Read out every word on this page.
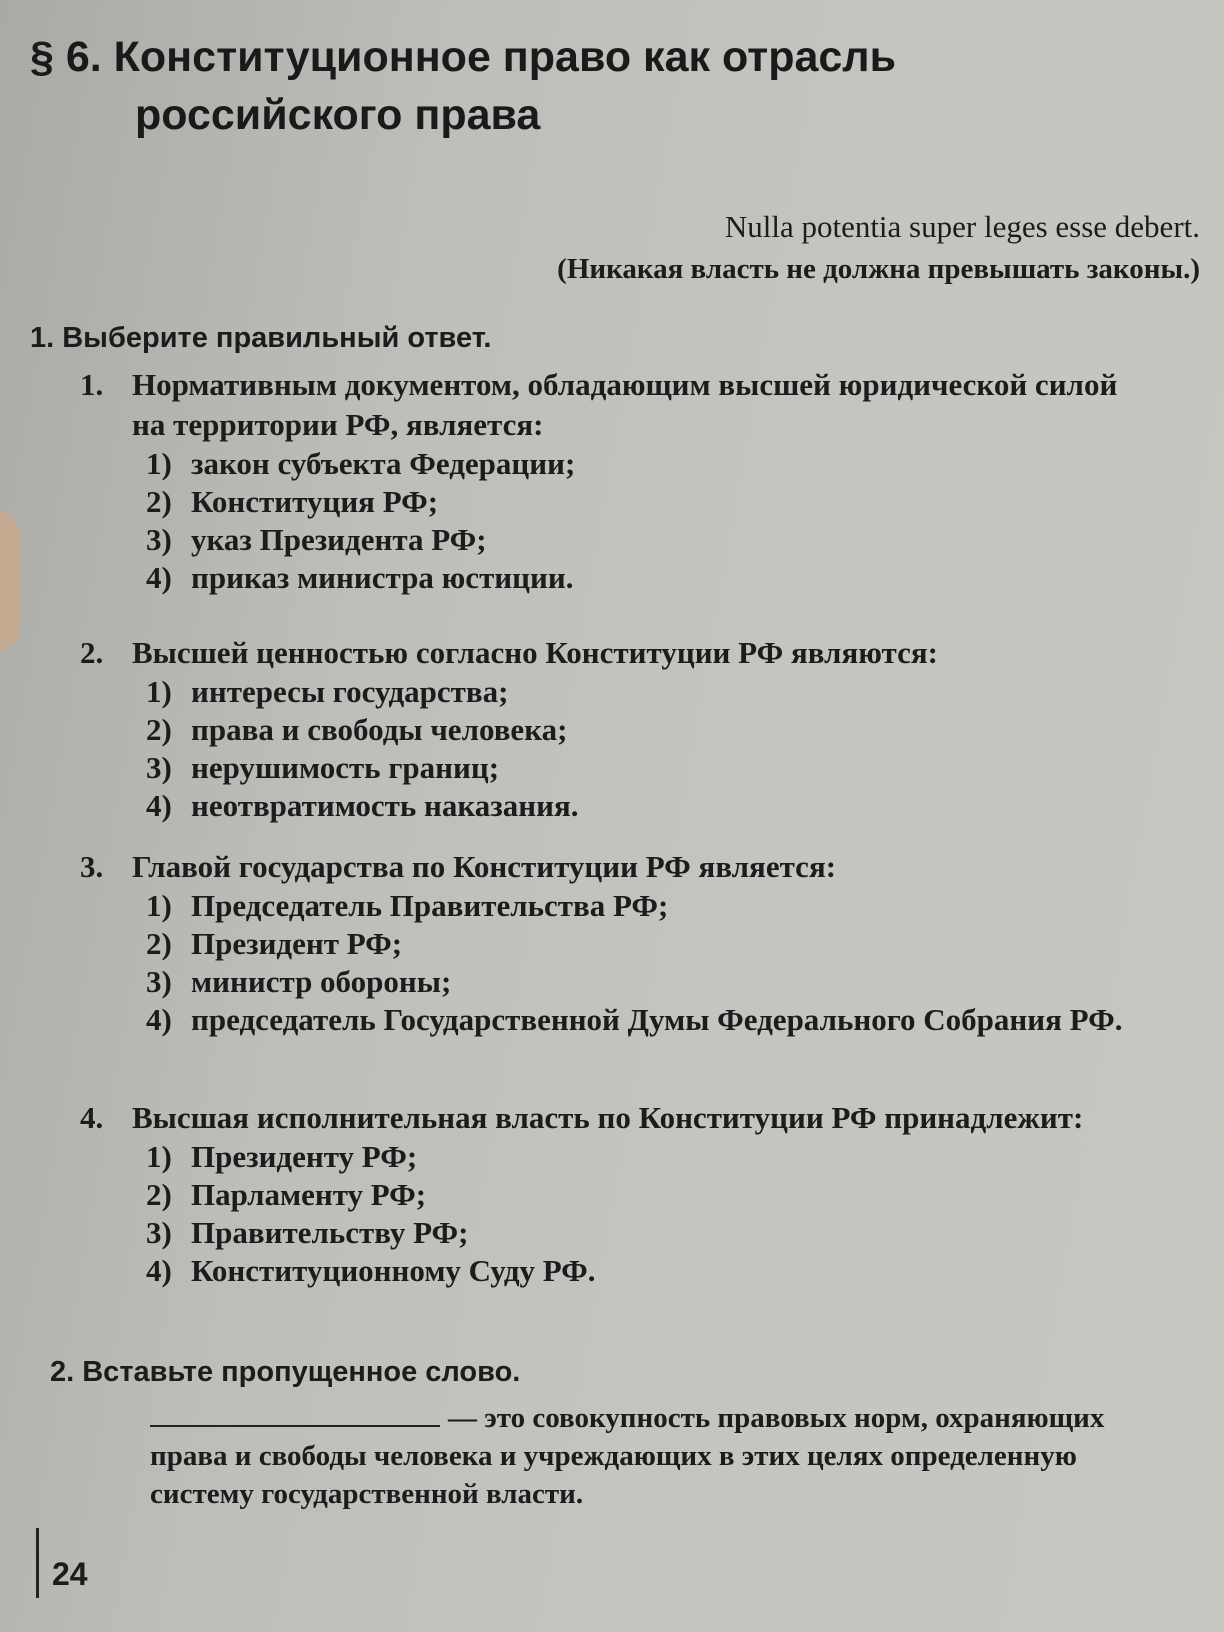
§ 6. Конституционное право как отрасль
российского права
Nulla potentia super leges esse debert.
(Никакая власть не должна превышать законы.)
1. Выберите правильный ответ.
1. Нормативным документом, обладающим высшей юридической силой на территории РФ, является:
1) закон субъекта Федерации;
2) Конституция РФ;
3) указ Президента РФ;
4) приказ министра юстиции.
2. Высшей ценностью согласно Конституции РФ являются:
1) интересы государства;
2) права и свободы человека;
3) нерушимость границ;
4) неотвратимость наказания.
3. Главой государства по Конституции РФ является:
1) Председатель Правительства РФ;
2) Президент РФ;
3) министр обороны;
4) председатель Государственной Думы Федерального Собрания РФ.
4. Высшая исполнительная власть по Конституции РФ принадлежит:
1) Президенту РФ;
2) Парламенту РФ;
3) Правительству РФ;
4) Конституционному Суду РФ.
2. Вставьте пропущенное слово.
— это совокупность правовых норм, охраняющих права и свободы человека и учреждающих в этих целях определенную систему государственной власти.
24
